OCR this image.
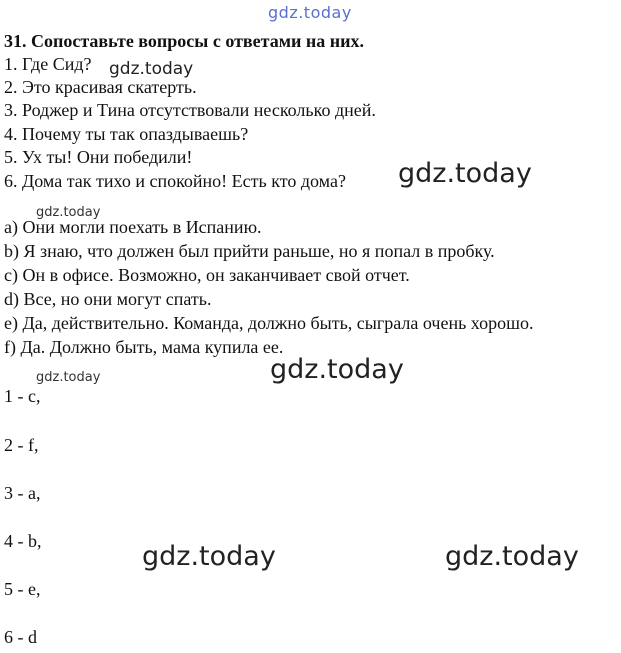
gdz.today
31. Сопоставьте вопросы с ответами на них.
1. Где Сид? gdz.today
2. Это красивая скатерть.
3. Роджер и Тина отсутствовали несколько дней.
4. Почему ты так опаздываешь?
5. Ух ты! Они победили!
6. Дома так тихо и спокойно! Есть кто дома? gdz.today
gdz.today
a) Они могли поехать в Испанию.
b) Я знаю, что должен был прийти раньше, но я попал в пробку.
c) Он в офисе. Возможно, он заканчивает свой отчет.
d) Все, но они могут спать.
e) Да, действительно. Команда, должно быть, сыграла очень хорошо.
f) Да. Должно быть, мама купила ее.
gdz.today
gdz.today
1 - c,
2 - f,
3 - a,
4 - b,	gdz.today	gdz.today
5 - e,
6 - d
